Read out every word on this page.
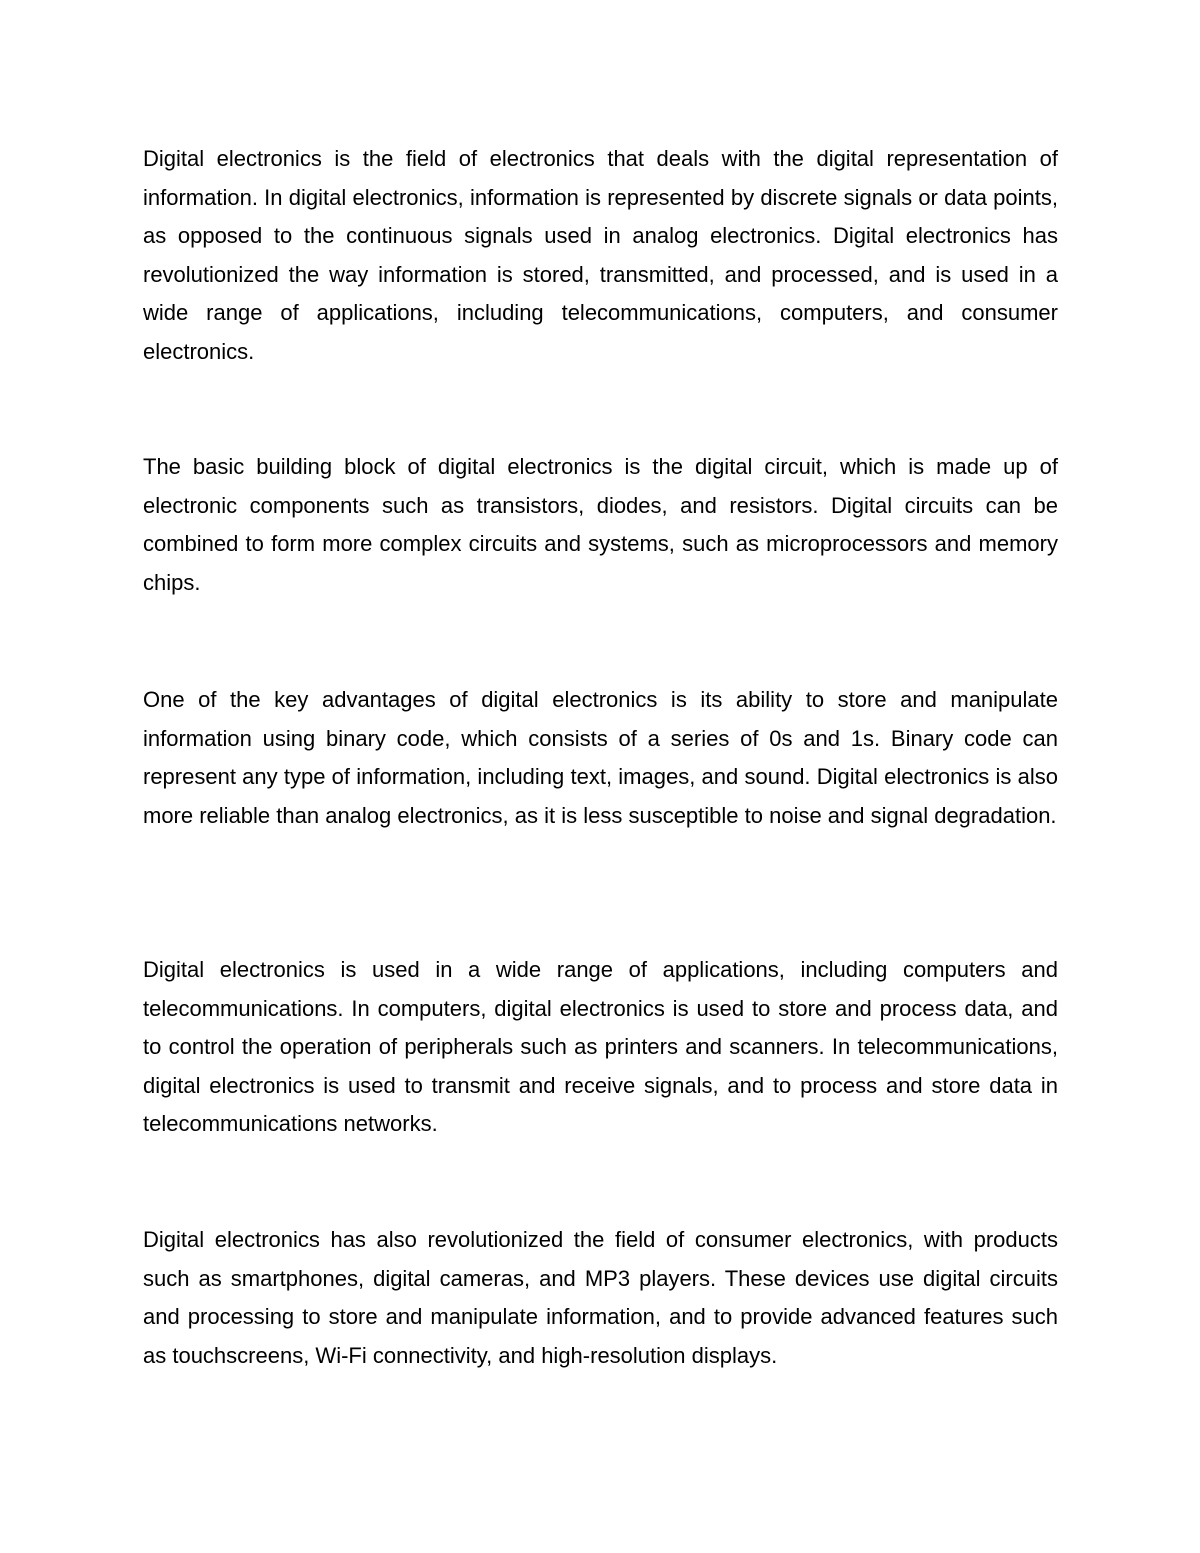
Digital electronics is the field of electronics that deals with the digital representation of information. In digital electronics, information is represented by discrete signals or data points, as opposed to the continuous signals used in analog electronics. Digital electronics has revolutionized the way information is stored, transmitted, and processed, and is used in a wide range of applications, including telecommunications, computers, and consumer electronics.

The basic building block of digital electronics is the digital circuit, which is made up of electronic components such as transistors, diodes, and resistors. Digital circuits can be combined to form more complex circuits and systems, such as microprocessors and memory chips.

One of the key advantages of digital electronics is its ability to store and manipulate information using binary code, which consists of a series of 0s and 1s. Binary code can represent any type of information, including text, images, and sound. Digital electronics is also more reliable than analog electronics, as it is less susceptible to noise and signal degradation.

Digital electronics is used in a wide range of applications, including computers and telecommunications. In computers, digital electronics is used to store and process data, and to control the operation of peripherals such as printers and scanners. In telecommunications, digital electronics is used to transmit and receive signals, and to process and store data in telecommunications networks.

Digital electronics has also revolutionized the field of consumer electronics, with products such as smartphones, digital cameras, and MP3 players. These devices use digital circuits and processing to store and manipulate information, and to provide advanced features such as touchscreens, Wi-Fi connectivity, and high-resolution displays.
